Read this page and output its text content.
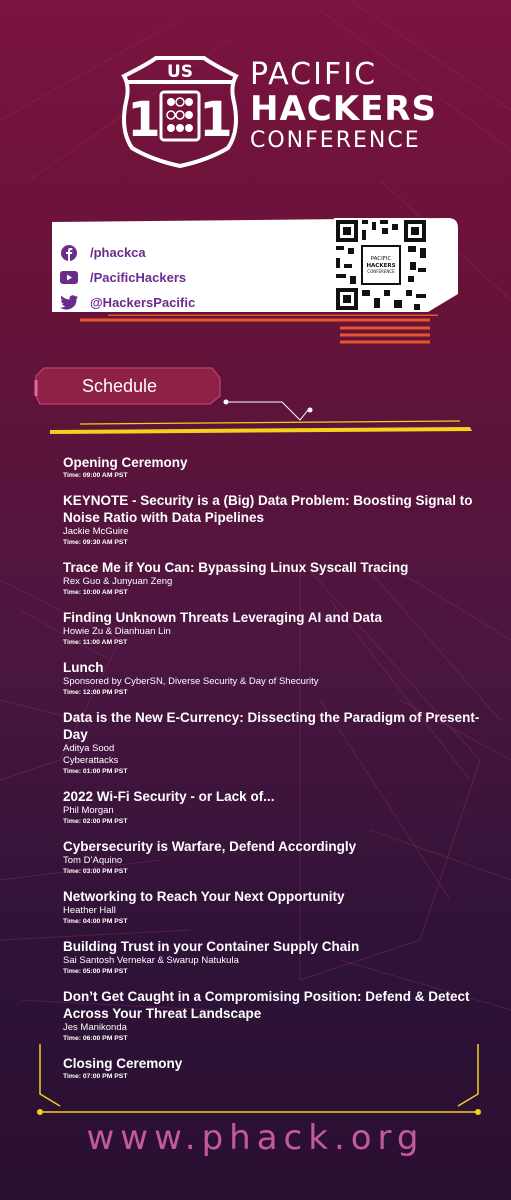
US
1 1
PACIFIC
HACKERS
CONFERENCE
/phackca
/PacificHackers
@HackersPacific
PACIFIC
HACKERS
CONFERENCE
Schedule
Opening Ceremony
Time: 09:00 AM PST
KEYNOTE - Security is a (Big) Data Problem: Boosting Signal to Noise Ratio with Data Pipelines
Jackie McGuire
Time: 09:30 AM PST
Trace Me if You Can: Bypassing Linux Syscall Tracing
Rex Guo & Junyuan Zeng
Time: 10:00 AM PST
Finding Unknown Threats Leveraging AI and Data
Howie Zu & Dianhuan Lin
Time: 11:00 AM PST
Lunch
Sponsored by CyberSN, Diverse Security & Day of Shecurity
Time: 12:00 PM PST
Data is the New E-Currency: Dissecting the Paradigm of Present-Day
Aditya Sood
Cyberattacks
Time: 01:00 PM PST
2022 Wi-Fi Security - or Lack of...
Phil Morgan
Time: 02:00 PM PST
Cybersecurity is Warfare, Defend Accordingly
Tom D’Aquino
Time: 03:00 PM PST
Networking to Reach Your Next Opportunity
Heather Hall
Time: 04:00 PM PST
Building Trust in your Container Supply Chain
Sai Santosh Vernekar & Swarup Natukula
Time: 05:00 PM PST
Don’t Get Caught in a Compromising Position: Defend & Detect Across Your Threat Landscape
Jes Manikonda
Time: 06:00 PM PST
Closing Ceremony
Time: 07:00 PM PST
www.phack.org
